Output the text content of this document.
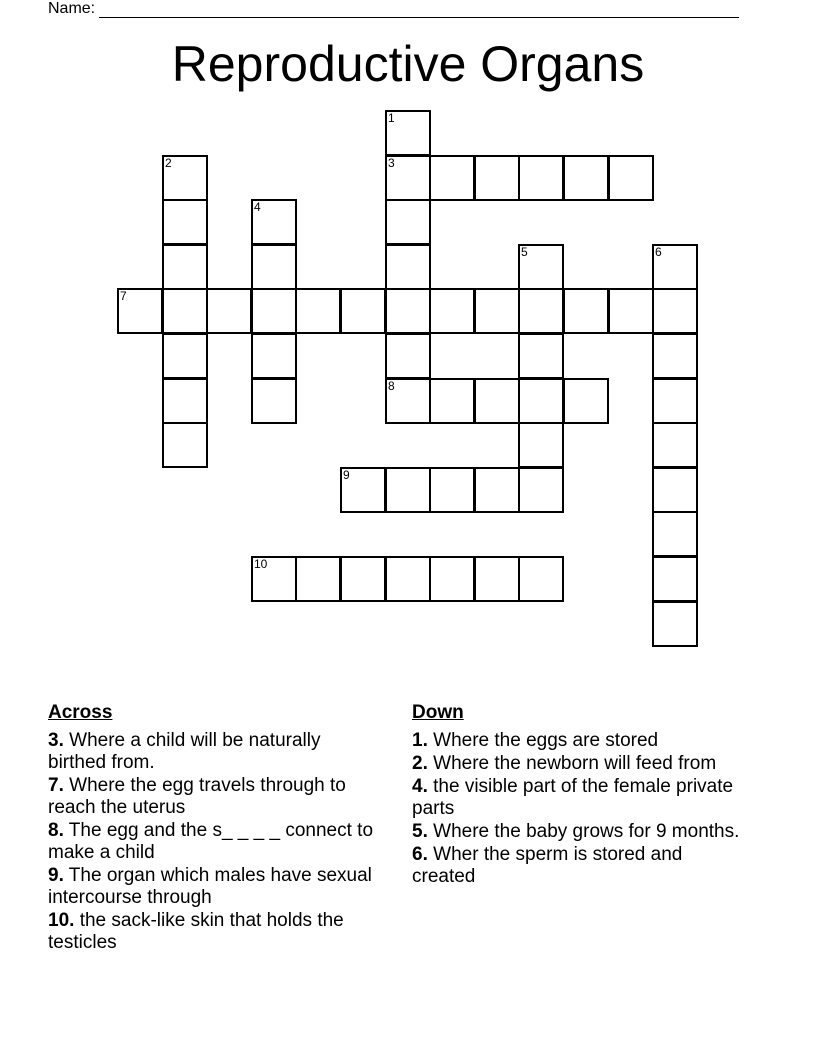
Name:
Reproductive Organs
1
2	3
4
5	6
7
8
9
10
Across
3. Where a child will be naturally birthed from.
7. Where the egg travels through to reach the uterus
8. The egg and the s_ _ _ _ connect to make a child
9. The organ which males have sexual intercourse through
10. the sack-like skin that holds the testicles
Down
1. Where the eggs are stored
2. Where the newborn will feed from
4. the visible part of the female private parts
5. Where the baby grows for 9 months.
6. Wher the sperm is stored and created
